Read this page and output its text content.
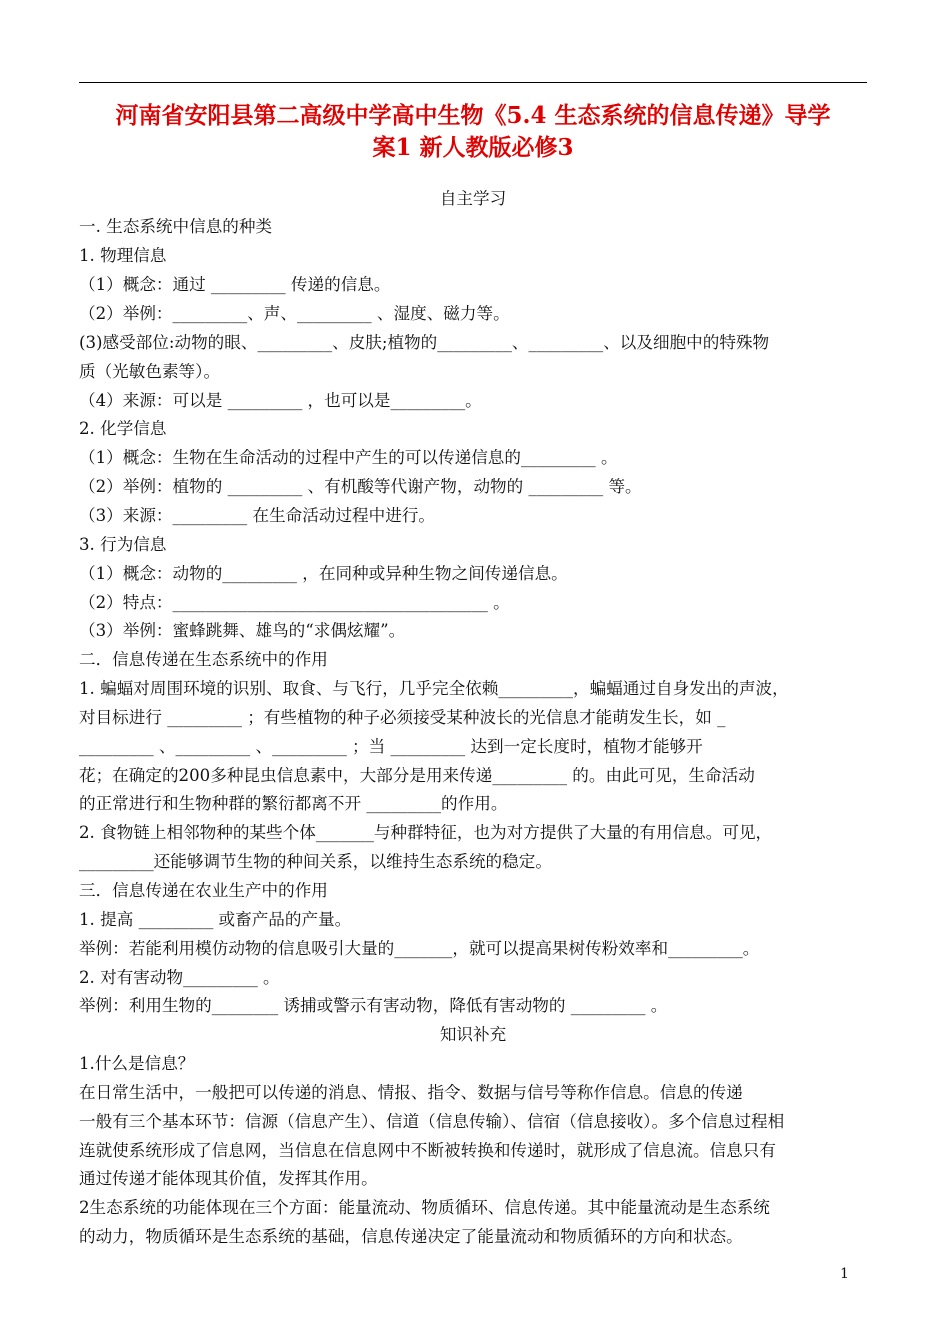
河南省安阳县第二高级中学高中生物《5.4 生态系统的信息传递》导学
案1 新人教版必修3
自主学习
一. 生态系统中信息的种类
1. 物理信息
（1）概念：通过 _________ 传递的信息。
（2）举例：_________、声、_________ 、湿度、磁力等。
(3)感受部位:动物的眼、_________、皮肤;植物的_________、_________、以及细胞中的特殊物
质（光敏色素等）。
（4）来源：可以是 _________ ，也可以是_________。
2. 化学信息
（1）概念：生物在生命活动的过程中产生的可以传递信息的_________ 。
（2）举例：植物的 _________ 、有机酸等代谢产物，动物的 _________ 等。
（3）来源：_________ 在生命活动过程中进行。
3. 行为信息
（1）概念：动物的_________ ，在同种或异种生物之间传递信息。
（2）特点：______________________________________ 。
（3）举例：蜜蜂跳舞、雄鸟的“求偶炫耀”。
二．信息传递在生态系统中的作用
1. 蝙蝠对周围环境的识别、取食、与飞行，几乎完全依赖_________，蝙蝠通过自身发出的声波，
对目标进行 _________ ；有些植物的种子必须接受某种波长的光信息才能萌发生长，如 _
_________ 、_________ 、_________ ；当 _________ 达到一定长度时，植物才能够开
花；在确定的200多种昆虫信息素中，大部分是用来传递_________ 的。由此可见，生命活动
的正常进行和生物种群的繁衍都离不开 _________的作用。
2. 食物链上相邻物种的某些个体_______与种群特征，也为对方提供了大量的有用信息。可见，
_________还能够调节生物的种间关系，以维持生态系统的稳定。
三．信息传递在农业生产中的作用
1. 提高 _________ 或畜产品的产量。
举例：若能利用模仿动物的信息吸引大量的_______，就可以提高果树传粉效率和_________。
2. 对有害动物_________ 。
举例：利用生物的________ 诱捕或警示有害动物，降低有害动物的 _________ 。
知识补充
1.什么是信息？
在日常生活中，一般把可以传递的消息、情报、指令、数据与信号等称作信息。信息的传递
一般有三个基本环节：信源（信息产生）、信道（信息传输）、信宿（信息接收）。多个信息过程相
连就使系统形成了信息网，当信息在信息网中不断被转换和传递时，就形成了信息流。信息只有
通过传递才能体现其价值，发挥其作用。
2生态系统的功能体现在三个方面：能量流动、物质循环、信息传递。其中能量流动是生态系统
的动力，物质循环是生态系统的基础，信息传递决定了能量流动和物质循环的方向和状态。
1
